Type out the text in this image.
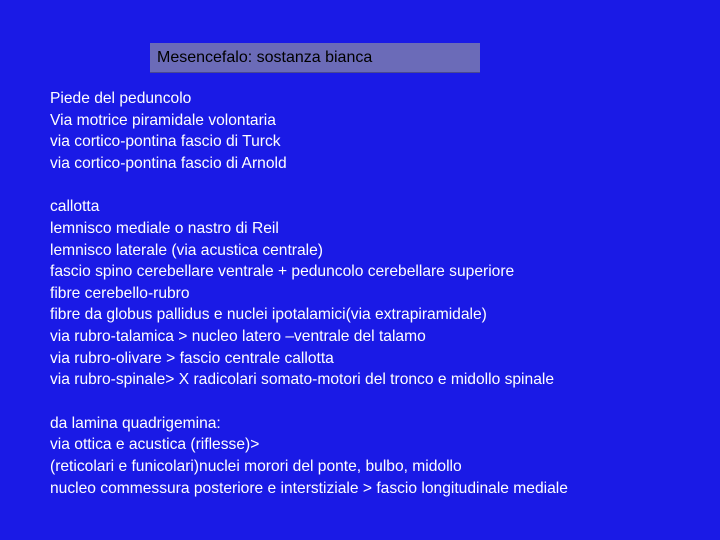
Mesencefalo: sostanza bianca
Piede del peduncolo
Via motrice piramidale volontaria
via cortico-pontina fascio di Turck
via cortico-pontina fascio di Arnold
callotta
lemnisco mediale o nastro di Reil
lemnisco laterale (via acustica centrale)
fascio spino cerebellare ventrale + peduncolo cerebellare superiore
fibre cerebello-rubro
fibre da globus pallidus e nuclei ipotalamici(via extrapiramidale)
via rubro-talamica > nucleo latero –ventrale del talamo
via rubro-olivare > fascio centrale callotta
via rubro-spinale> X radicolari somato-motori del tronco e midollo spinale
da lamina quadrigemina:
via ottica e acustica (riflesse)>
(reticolari e funicolari)nuclei morori del ponte, bulbo, midollo
nucleo commessura posteriore e interstiziale > fascio longitudinale mediale
